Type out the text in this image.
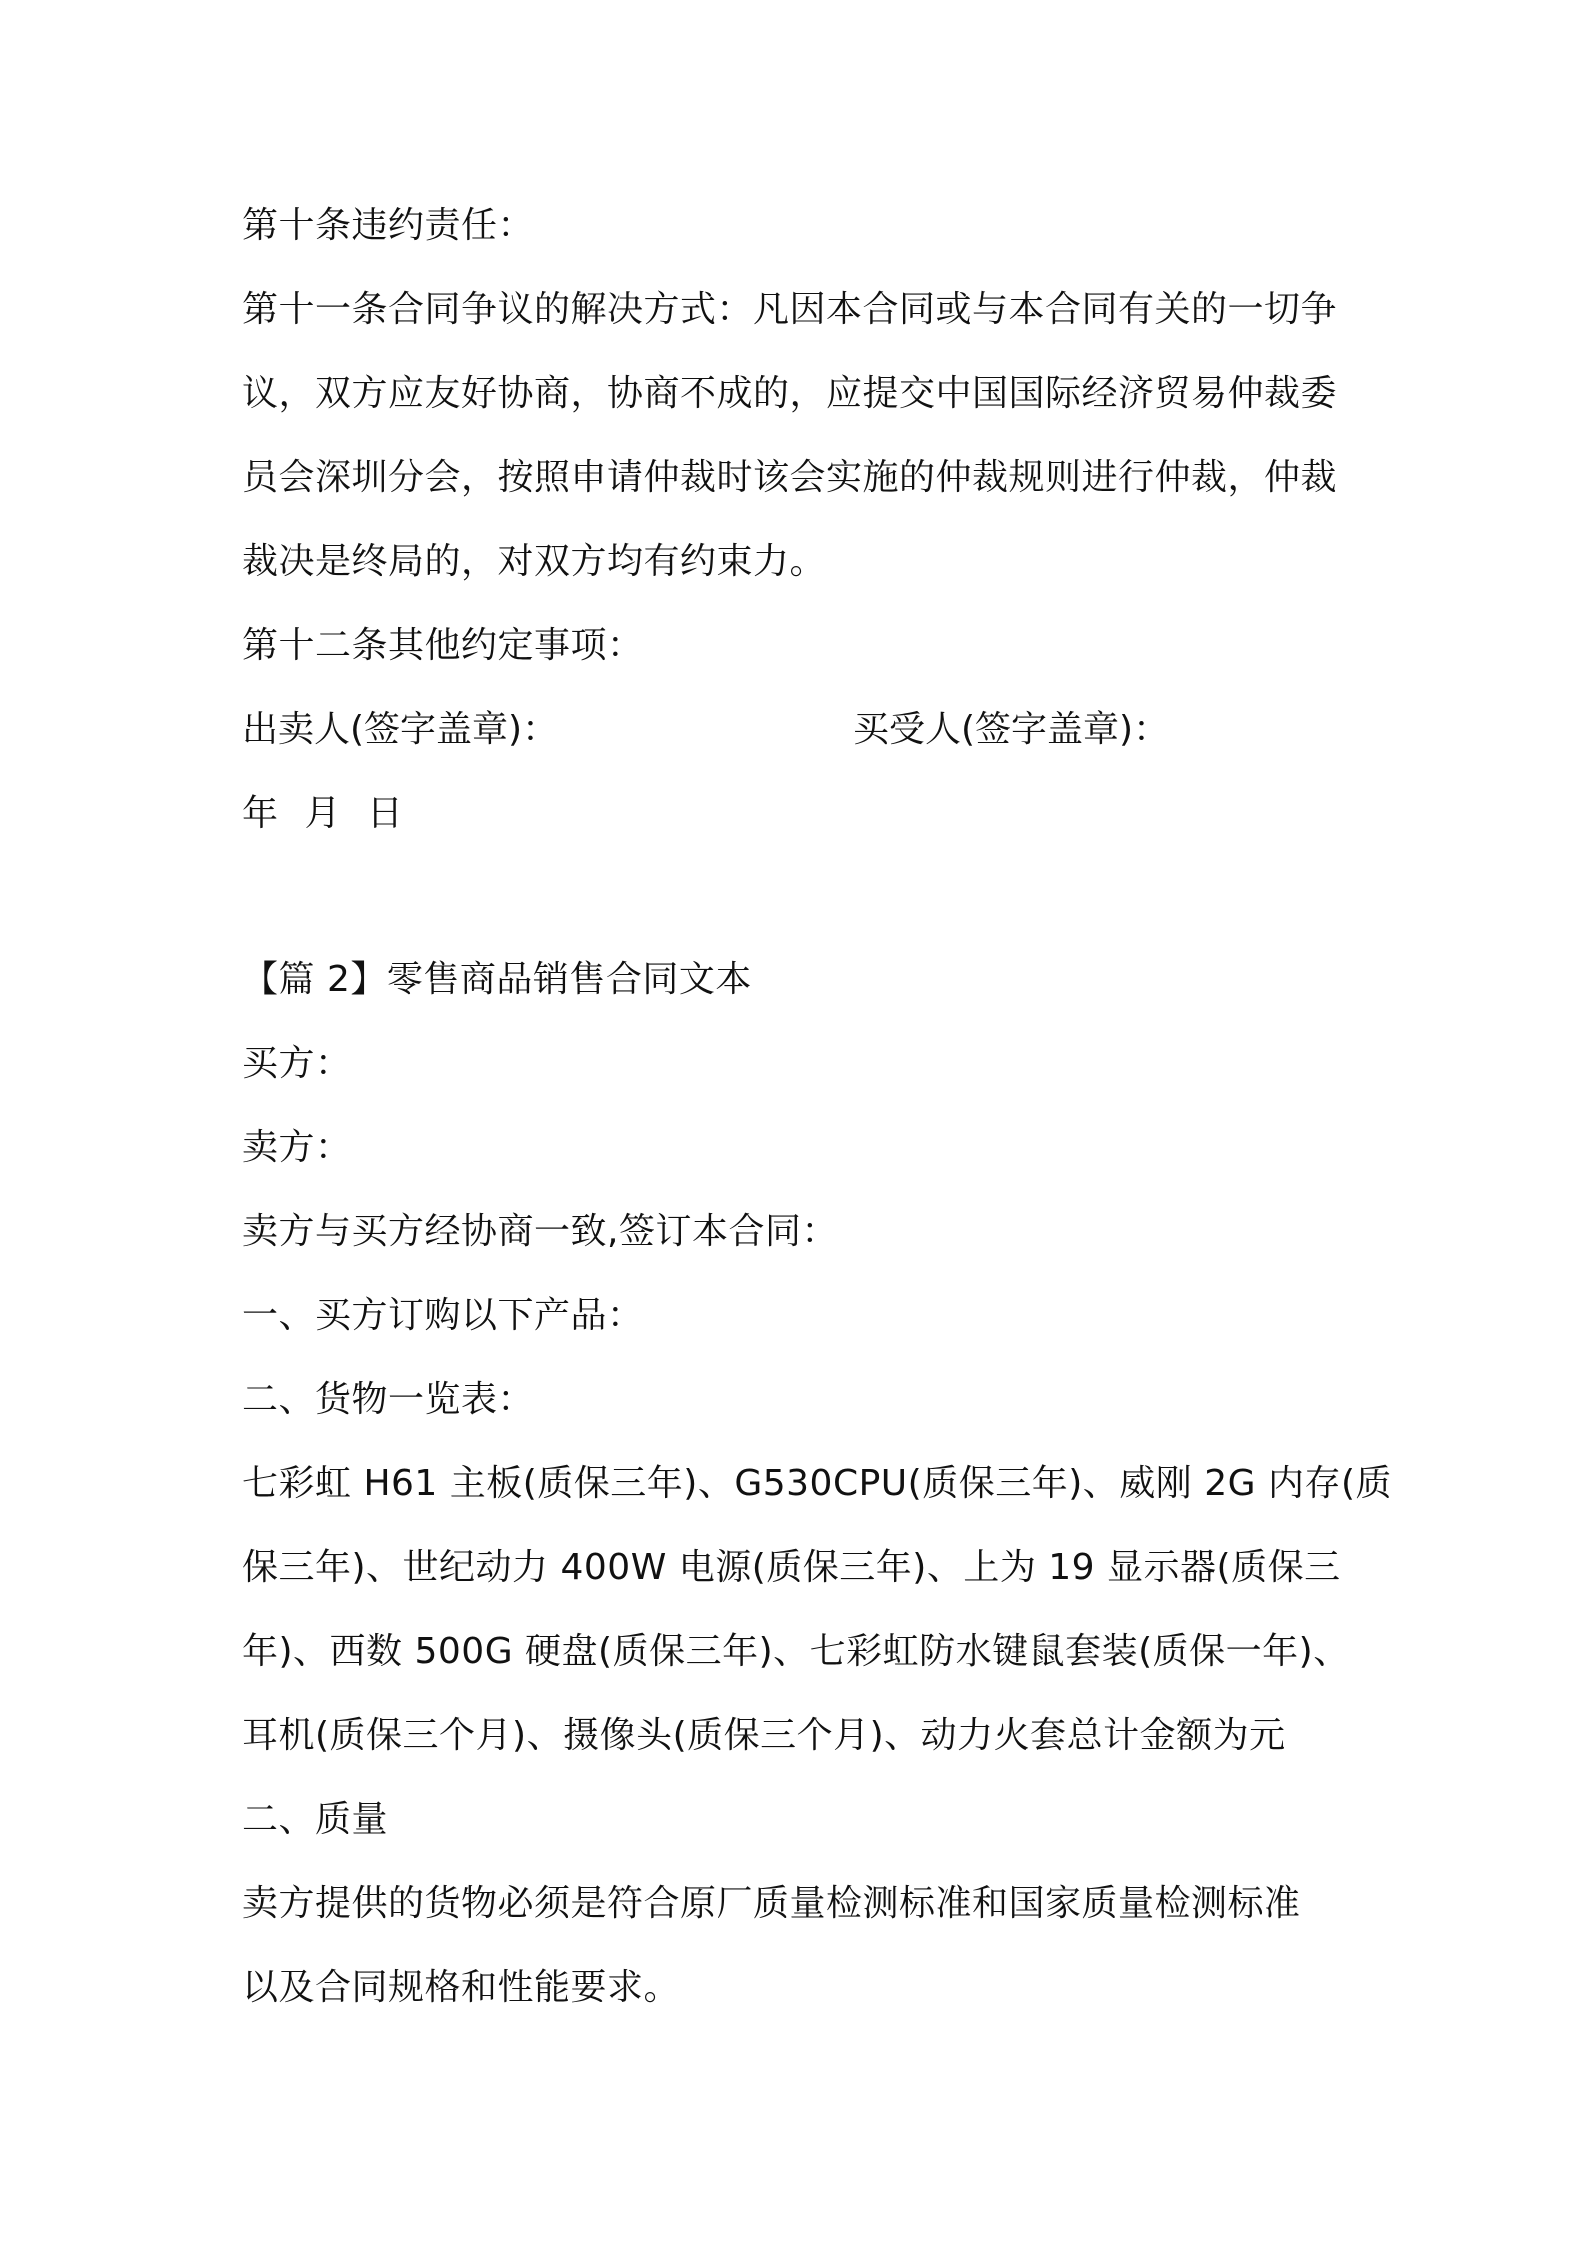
第十条违约责任：
第十一条合同争议的解决方式：凡因本合同或与本合同有关的一切争
议，双方应友好协商，协商不成的，应提交中国国际经济贸易仲裁委
员会深圳分会，按照申请仲裁时该会实施的仲裁规则进行仲裁，仲裁
裁决是终局的，对双方均有约束力。
第十二条其他约定事项：
出卖人(签字盖章)：	买受人(签字盖章)：
年 月 日
【篇 2】零售商品销售合同文本
买方：
卖方：
卖方与买方经协商一致,签订本合同：
一、买方订购以下产品：
二、货物一览表：
七彩虹 H61 主板(质保三年)、G530CPU(质保三年)、威刚 2G 内存(质
保三年)、世纪动力 400W 电源(质保三年)、上为 19 显示器(质保三
年)、西数 500G 硬盘(质保三年)、七彩虹防水键鼠套装(质保一年)、
耳机(质保三个月)、摄像头(质保三个月)、动力火套总计金额为元
二、质量
卖方提供的货物必须是符合原厂质量检测标准和国家质量检测标准
以及合同规格和性能要求。
